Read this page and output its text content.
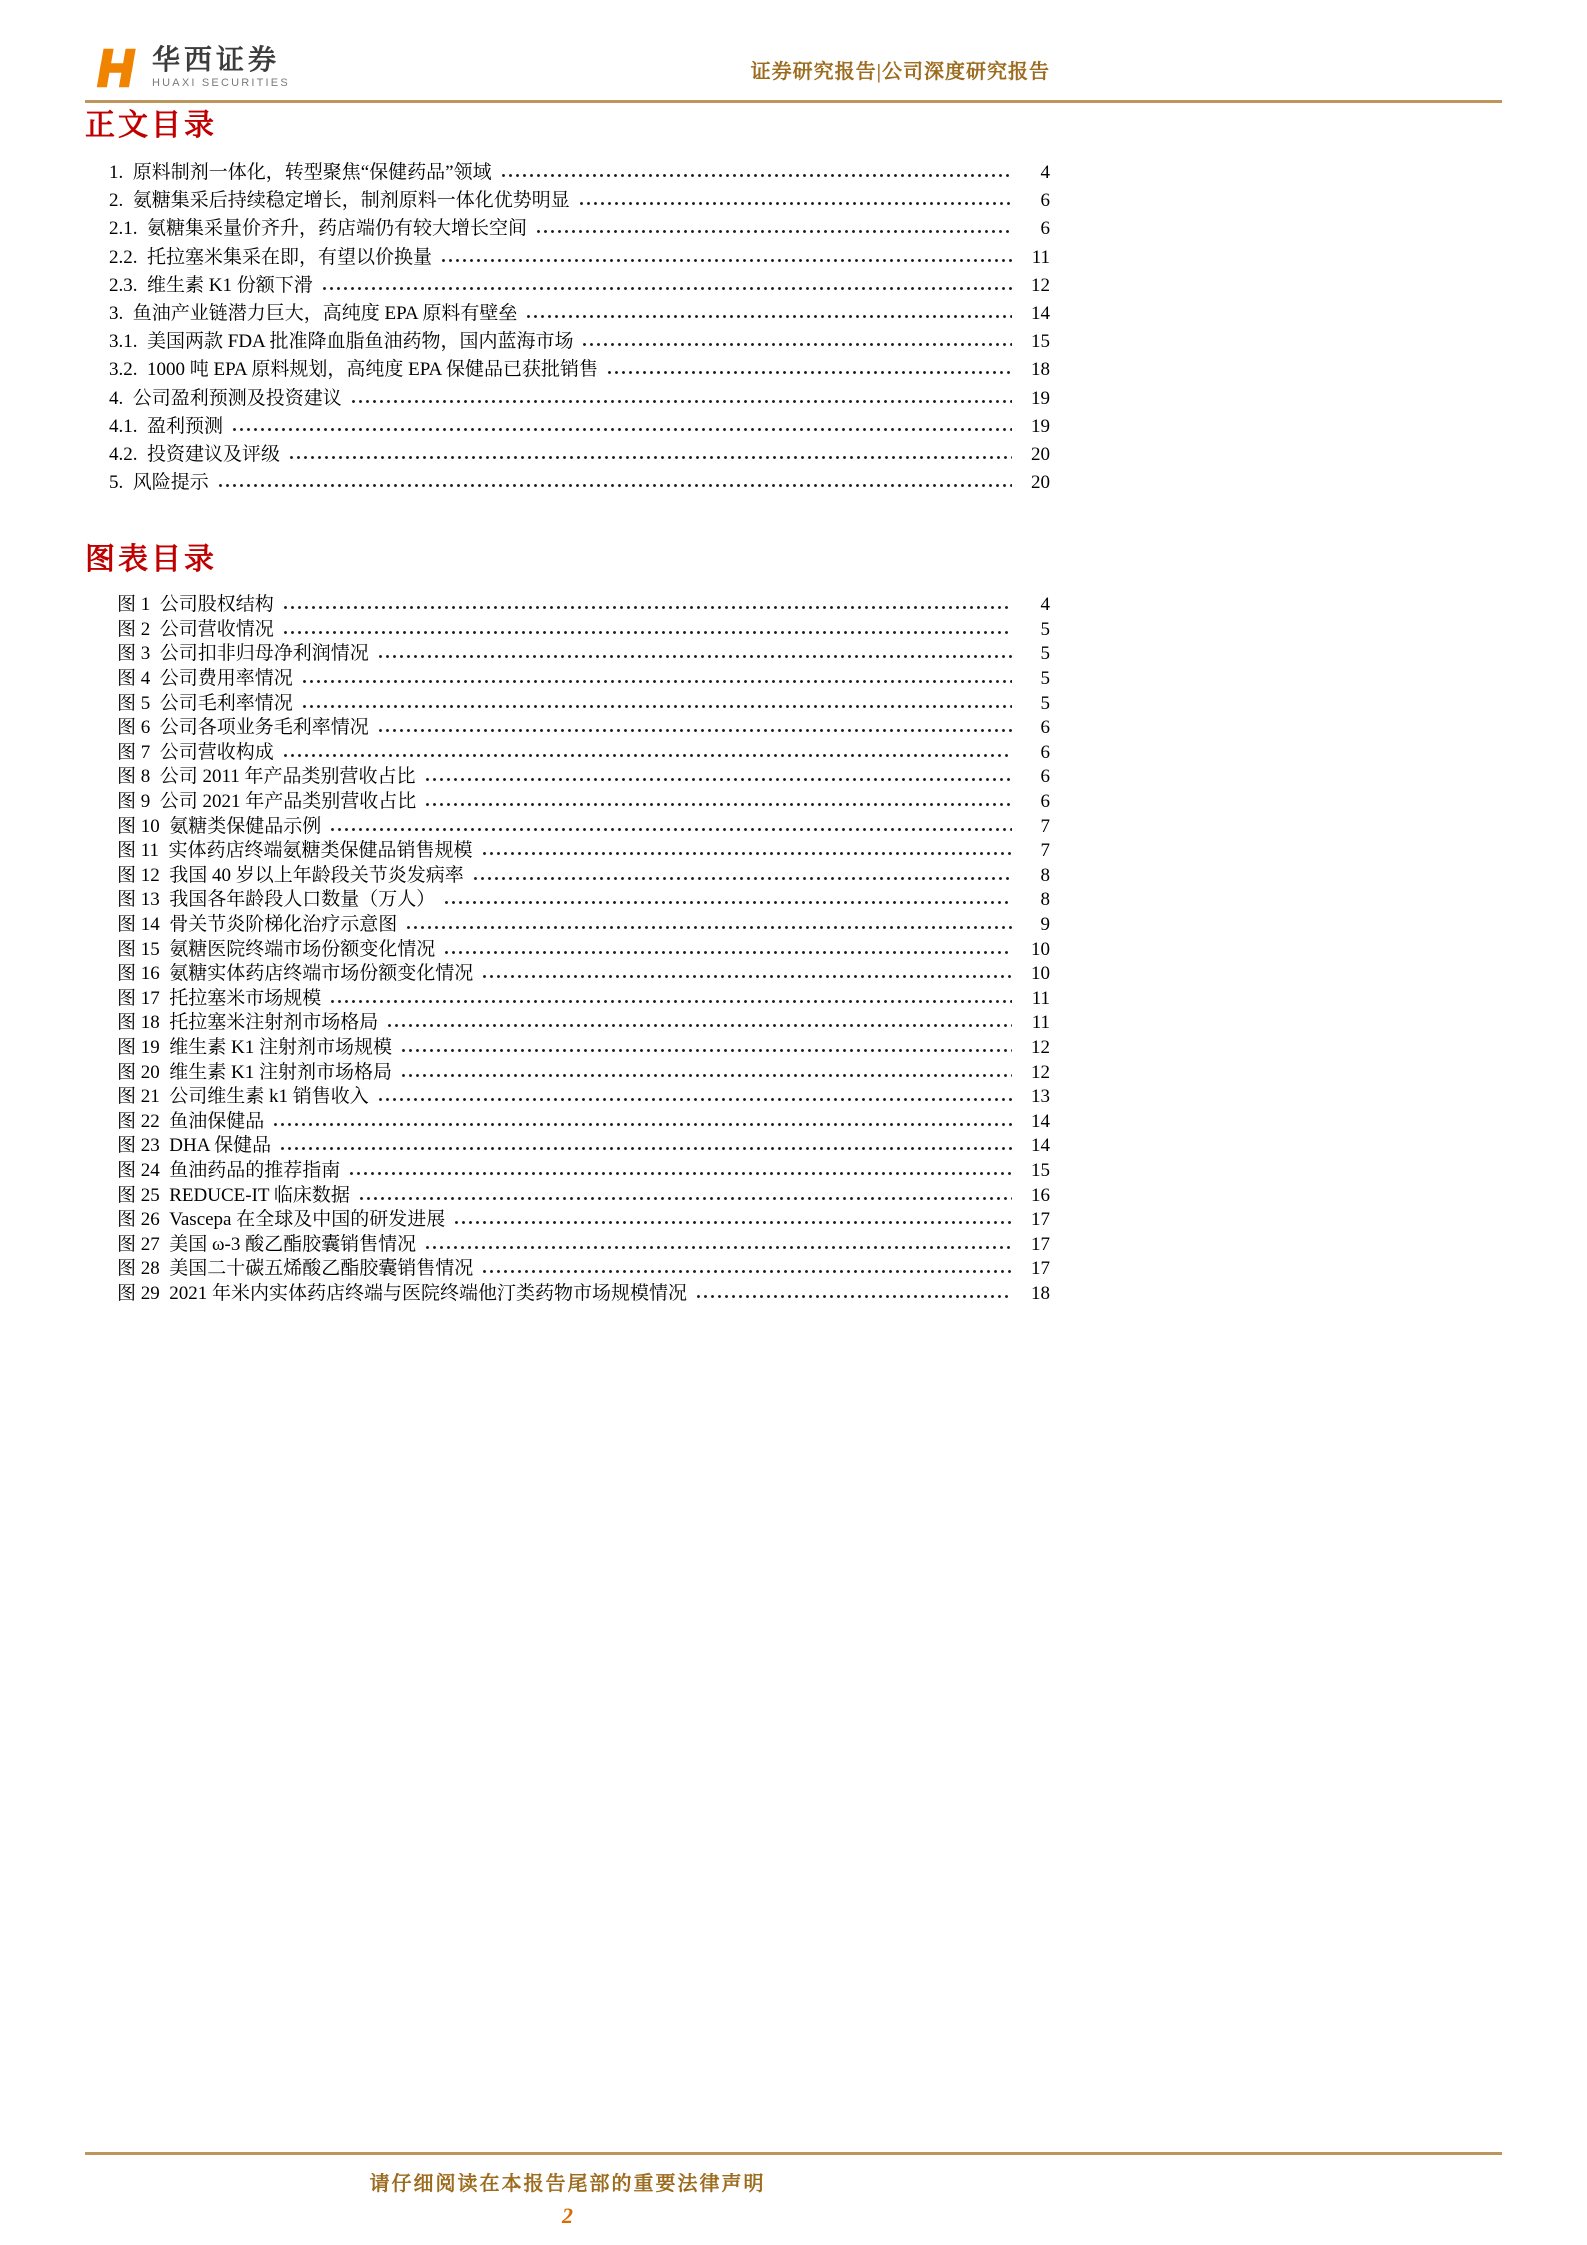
华西证券
HUAXI SECURITIES	证券研究报告|公司深度研究报告
正文目录
1.  原料制剂一体化，转型聚焦“保健药品”领域	4
2.  氨糖集采后持续稳定增长，制剂原料一体化优势明显	6
2.1.  氨糖集采量价齐升，药店端仍有较大增长空间	6
2.2.  托拉塞米集采在即，有望以价换量	11
2.3.  维生素 K1 份额下滑	12
3.  鱼油产业链潜力巨大，高纯度 EPA 原料有壁垒	14
3.1.  美国两款 FDA 批准降血脂鱼油药物，国内蓝海市场	15
3.2.  1000 吨 EPA 原料规划，高纯度 EPA 保健品已获批销售	18
4.  公司盈利预测及投资建议	19
4.1.  盈利预测	19
4.2.  投资建议及评级	20
5.  风险提示	20
图表目录
图 1  公司股权结构	4
图 2  公司营收情况	5
图 3  公司扣非归母净利润情况	5
图 4  公司费用率情况	5
图 5  公司毛利率情况	5
图 6  公司各项业务毛利率情况	6
图 7  公司营收构成	6
图 8  公司 2011 年产品类别营收占比	6
图 9  公司 2021 年产品类别营收占比	6
图 10  氨糖类保健品示例	7
图 11  实体药店终端氨糖类保健品销售规模	7
图 12  我国 40 岁以上年龄段关节炎发病率	8
图 13  我国各年龄段人口数量（万人）	8
图 14  骨关节炎阶梯化治疗示意图	9
图 15  氨糖医院终端市场份额变化情况	10
图 16  氨糖实体药店终端市场份额变化情况	10
图 17  托拉塞米市场规模	11
图 18  托拉塞米注射剂市场格局	11
图 19  维生素 K1 注射剂市场规模	12
图 20  维生素 K1 注射剂市场格局	12
图 21  公司维生素 k1 销售收入	13
图 22  鱼油保健品	14
图 23  DHA 保健品	14
图 24  鱼油药品的推荐指南	15
图 25  REDUCE-IT 临床数据	16
图 26  Vascepa 在全球及中国的研发进展	17
图 27  美国 ω-3 酸乙酯胶囊销售情况	17
图 28  美国二十碳五烯酸乙酯胶囊销售情况	17
图 29  2021 年米内实体药店终端与医院终端他汀类药物市场规模情况	18
请仔细阅读在本报告尾部的重要法律声明
2
